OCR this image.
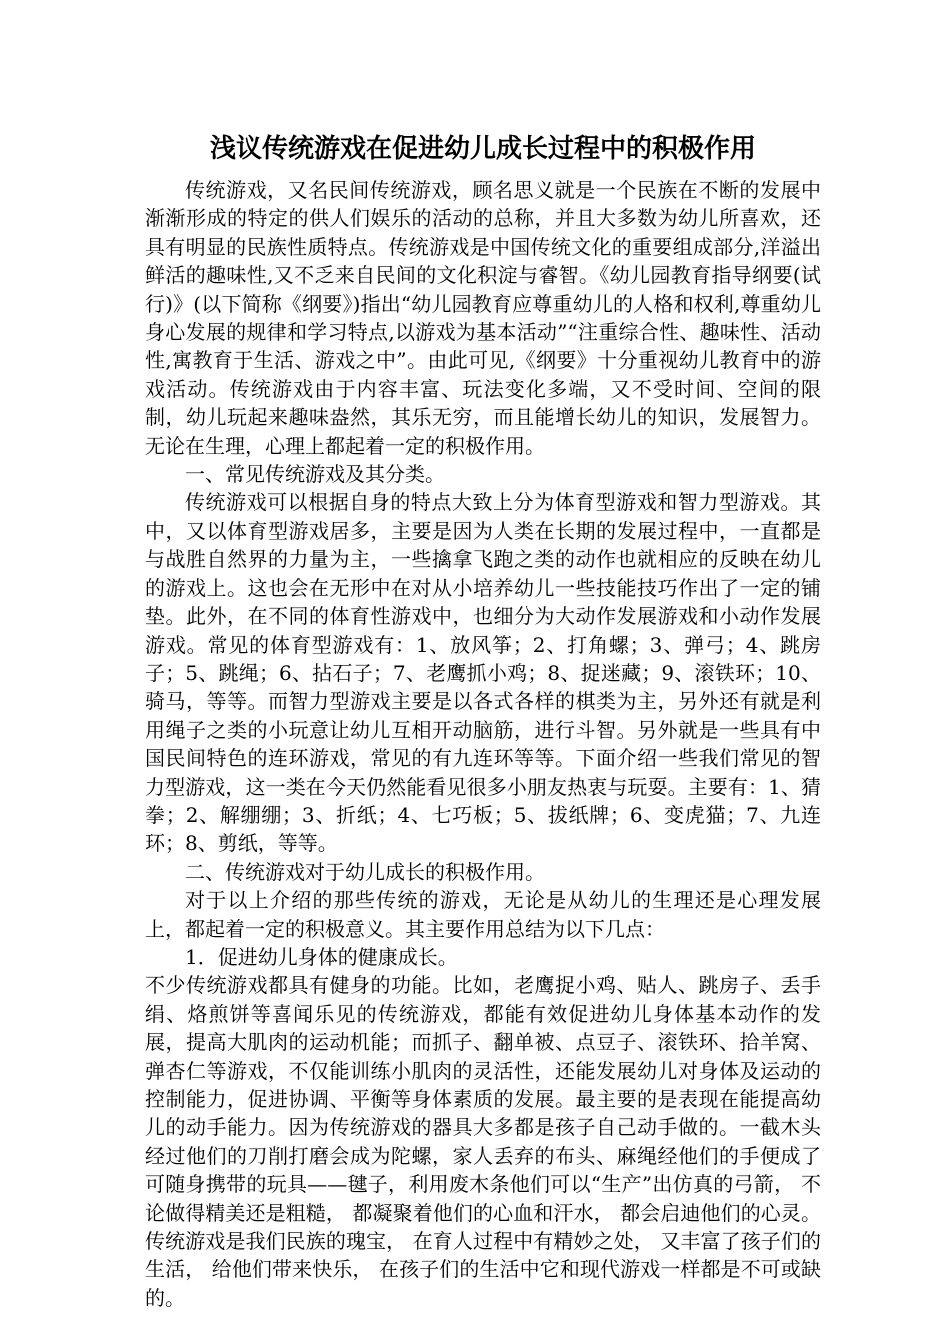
浅议传统游戏在促进幼儿成长过程中的积极作用

传统游戏，又名民间传统游戏，顾名思义就是一个民族在不断的发展中渐渐形成的特定的供人们娱乐的活动的总称，并且大多数为幼儿所喜欢，还具有明显的民族性质特点。传统游戏是中国传统文化的重要组成部分,洋溢出鲜活的趣味性,又不乏来自民间的文化积淀与睿智。《幼儿园教育指导纲要(试行)》(以下简称《纲要》)指出“幼儿园教育应尊重幼儿的人格和权利,尊重幼儿身心发展的规律和学习特点,以游戏为基本活动”“注重综合性、趣味性、活动性,寓教育于生活、游戏之中”。由此可见,《纲要》十分重视幼儿教育中的游戏活动。传统游戏由于内容丰富、玩法变化多端，又不受时间、空间的限制，幼儿玩起来趣味盎然，其乐无穷，而且能增长幼儿的知识，发展智力。无论在生理，心理上都起着一定的积极作用。

一、常见传统游戏及其分类。

传统游戏可以根据自身的特点大致上分为体育型游戏和智力型游戏。其中，又以体育型游戏居多，主要是因为人类在长期的发展过程中，一直都是与战胜自然界的力量为主，一些擒拿飞跑之类的动作也就相应的反映在幼儿的游戏上。这也会在无形中在对从小培养幼儿一些技能技巧作出了一定的铺垫。此外，在不同的体育性游戏中，也细分为大动作发展游戏和小动作发展游戏。常见的体育型游戏有：1、放风筝；2、打角螺；3、弹弓；4、跳房子；5、跳绳；6、拈石子；7、老鹰抓小鸡；8、捉迷藏；9、滚铁环；10、骑马，等等。而智力型游戏主要是以各式各样的棋类为主，另外还有就是利用绳子之类的小玩意让幼儿互相开动脑筋，进行斗智。另外就是一些具有中国民间特色的连环游戏，常见的有九连环等等。下面介绍一些我们常见的智力型游戏，这一类在今天仍然能看见很多小朋友热衷与玩耍。主要有：1、猜拳；2、解绷绷；3、折纸；4、七巧板；5、拔纸牌；6、变虎猫；7、九连环；8、剪纸，等等。

二、传统游戏对于幼儿成长的积极作用。

对于以上介绍的那些传统的游戏，无论是从幼儿的生理还是心理发展上，都起着一定的积极意义。其主要作用总结为以下几点：

1．促进幼儿身体的健康成长。

不少传统游戏都具有健身的功能。比如，老鹰捉小鸡、贴人、跳房子、丢手绢、烙煎饼等喜闻乐见的传统游戏，都能有效促进幼儿身体基本动作的发展，提高大肌肉的运动机能；而抓子、翻单被、点豆子、滚铁环、拾羊窝、弹杏仁等游戏，不仅能训练小肌肉的灵活性，还能发展幼儿对身体及运动的控制能力，促进协调、平衡等身体素质的发展。最主要的是表现在能提高幼儿的动手能力。因为传统游戏的器具大多都是孩子自己动手做的。一截木头经过他们的刀削打磨会成为陀螺，家人丢弃的布头、麻绳经他们的手便成了可随身携带的玩具——毽子，利用废木条他们可以“生产”出仿真的弓箭， 不论做得精美还是粗糙， 都凝聚着他们的心血和汗水， 都会启迪他们的心灵。传统游戏是我们民族的瑰宝， 在育人过程中有精妙之处， 又丰富了孩子们的生活， 给他们带来快乐， 在孩子们的生活中它和现代游戏一样都是不可或缺的。
